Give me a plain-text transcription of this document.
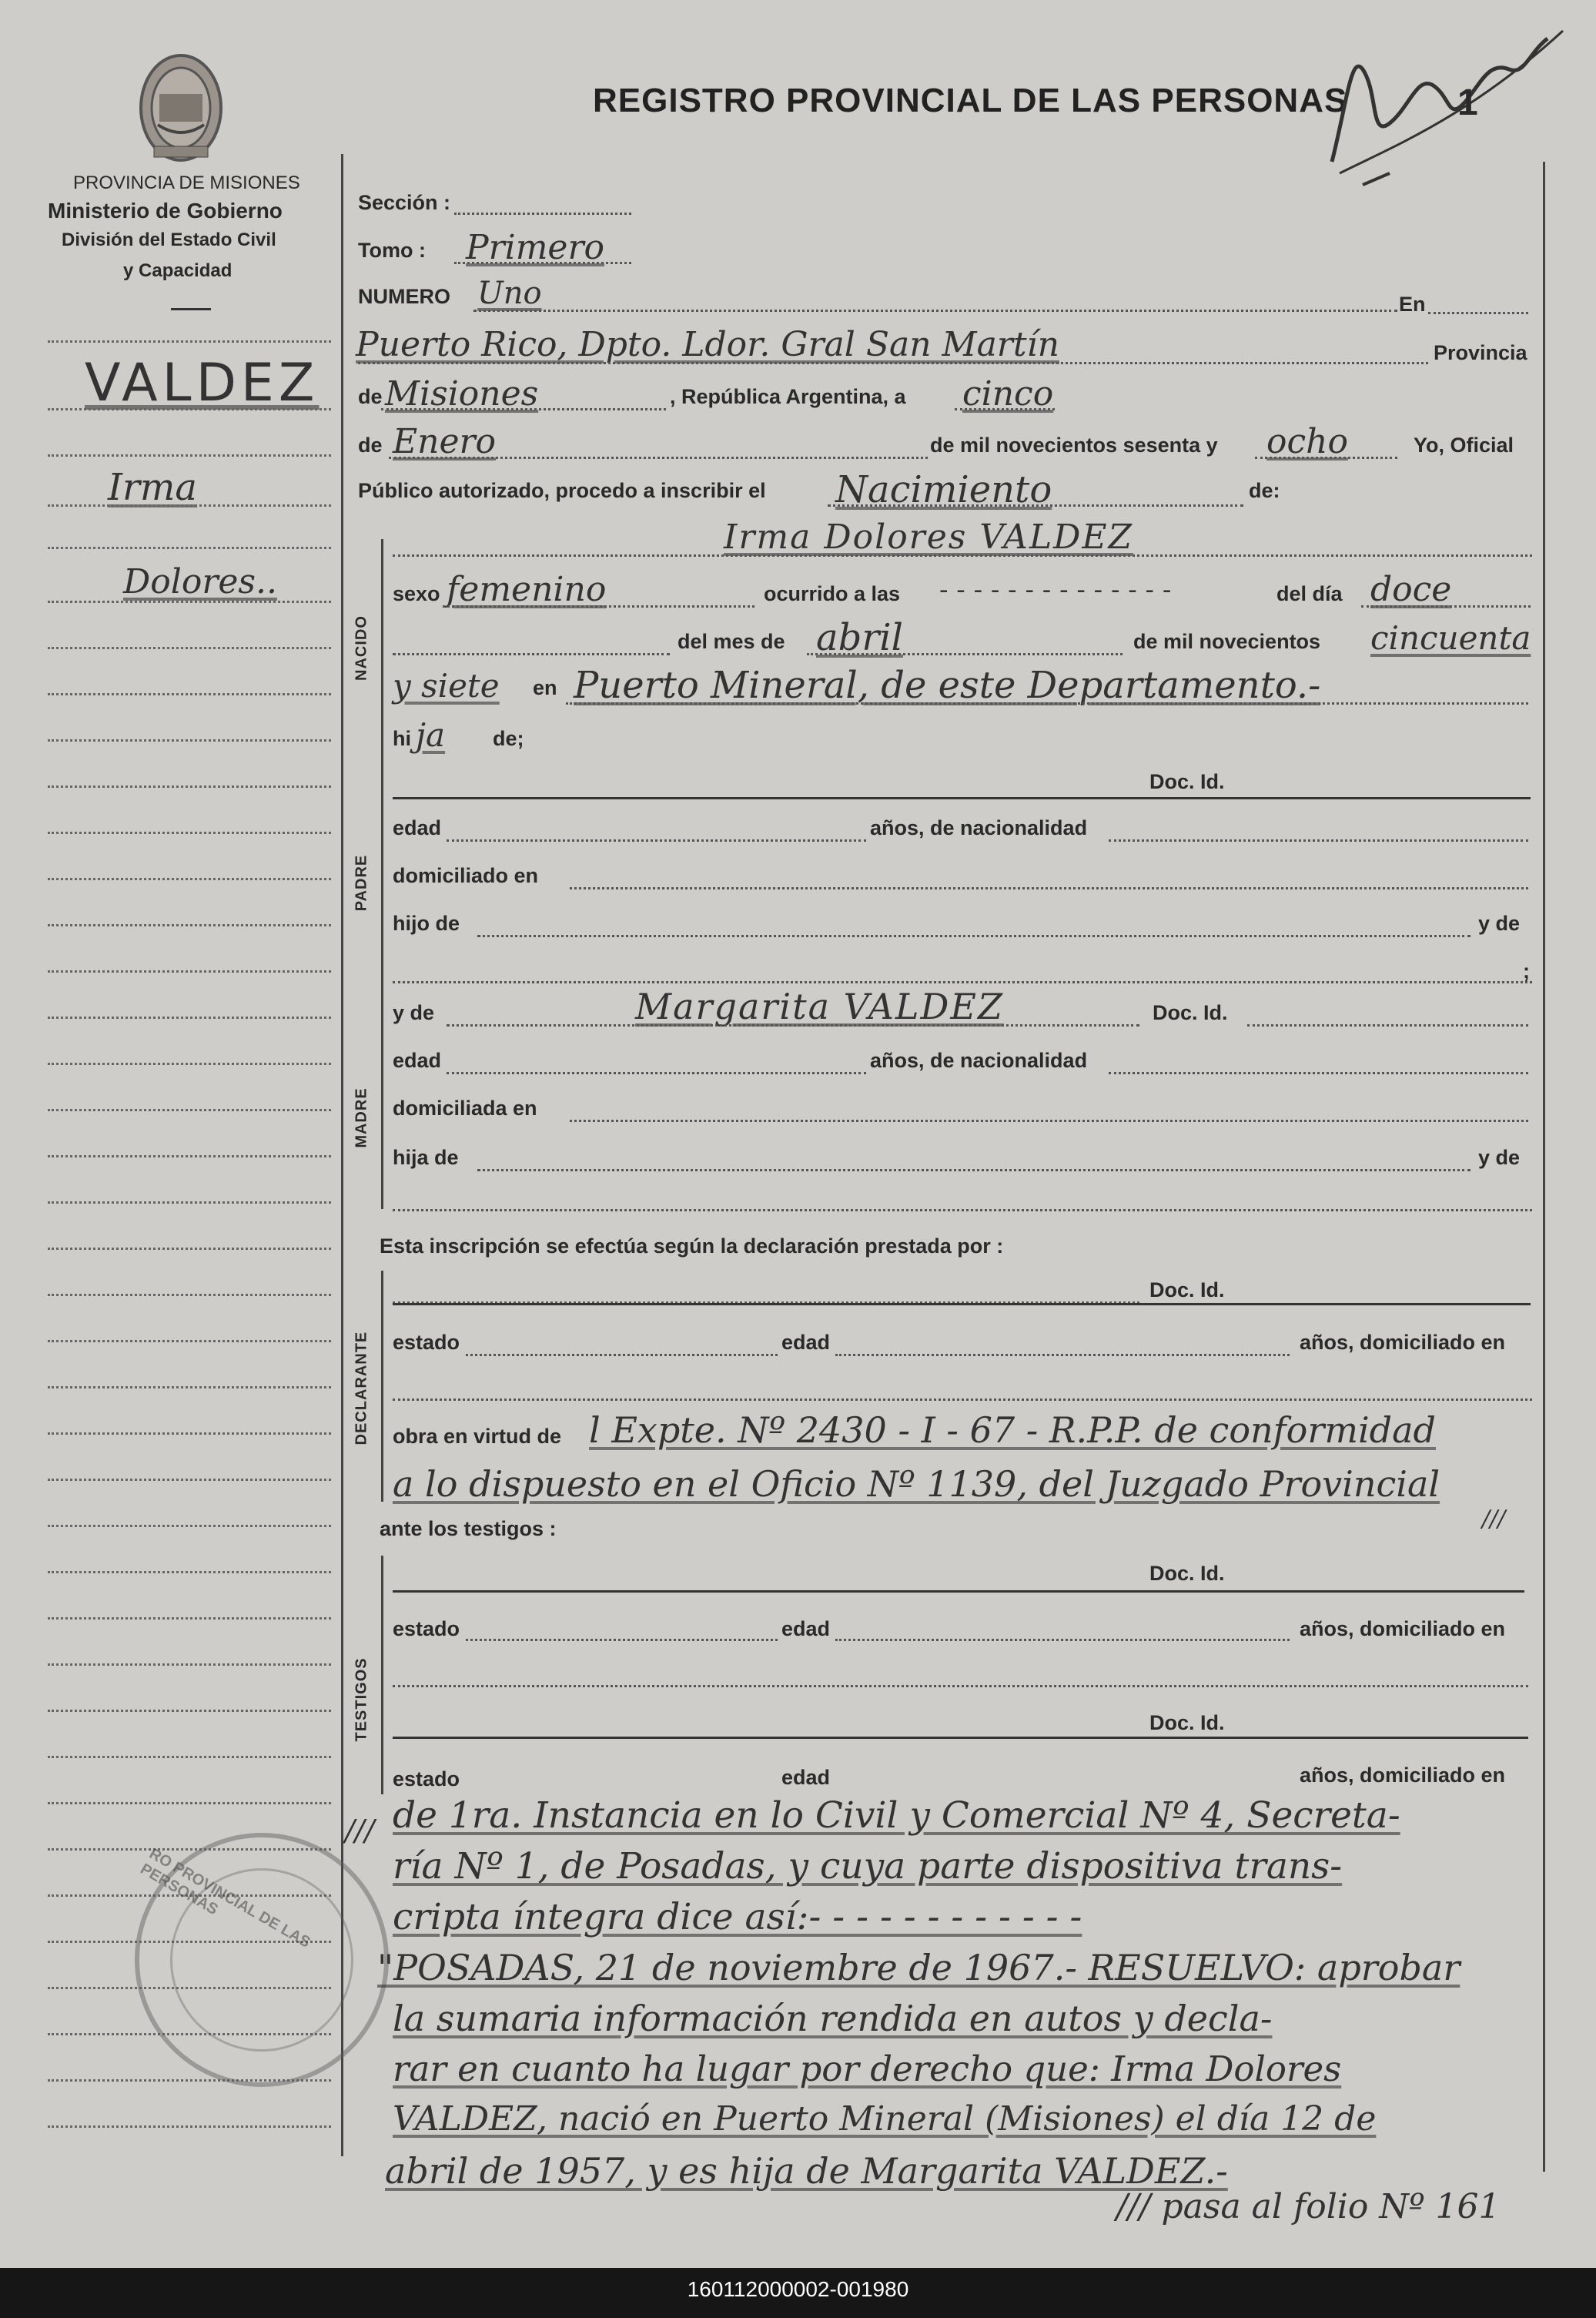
PROVINCIA DE MISIONES
Ministerio de Gobierno
División del Estado Civil
y Capacidad
REGISTRO PROVINCIAL DE LAS PERSONAS	1
VALDEZ
Irma
Dolores..
Sección :
Tomo : Primero
NUMERO Uno	En
Puerto Rico, Dpto. Ldor. Gral San Martín	Provincia
de Misiones	, República Argentina, a cinco
de Enero	de mil novecientos sesenta y ocho	Yo, Oficial
Público autorizado, procedo a inscribir el Nacimiento	de:
NACIDO
Irma Dolores VALDEZ
sexo femenino	ocurrido a las - - - - - - - - - - - - - -	del día doce
del mes de abril	de mil novecientos cincuenta
y siete en Puerto Mineral, de este Departamento.-
hi ja de;
PADRE
Doc. Id.
edad	años, de nacionalidad
domiciliado en
hijo de	y de
;
MADRE
y de	Margarita VALDEZ	Doc. Id.
edad	años, de nacionalidad
domiciliada en
hija de	y de
Esta inscripción se efectúa según la declaración prestada por :
DECLARANTE
Doc. Id.
estado	edad	años, domiciliado en
obra en virtud de l Expte. Nº 2430 - I - 67 - R.P.P. de conformidad
a lo dispuesto en el Oficio Nº 1139, del Juzgado Provincial
///
ante los testigos :
TESTIGOS
Doc. Id.
estado	edad	años, domiciliado en
Doc. Id.
estado	edad	años, domiciliado en
RO PROVINCIAL DE LAS PERSONAS
/// de 1ra. Instancia en lo Civil y Comercial Nº 4, Secreta-
ría Nº 1, de Posadas, y cuya parte dispositiva trans-
cripta íntegra dice así:- - - - - - - - - - - -
"POSADAS, 21 de noviembre de 1967.- RESUELVO: aprobar
la sumaria información rendida en autos y decla-
rar en cuanto ha lugar por derecho que: Irma Dolores
VALDEZ, nació en Puerto Mineral (Misiones) el día 12 de
abril de 1957, y es hija de Margarita VALDEZ.-
/// pasa al folio Nº 161
160112000002-001980
